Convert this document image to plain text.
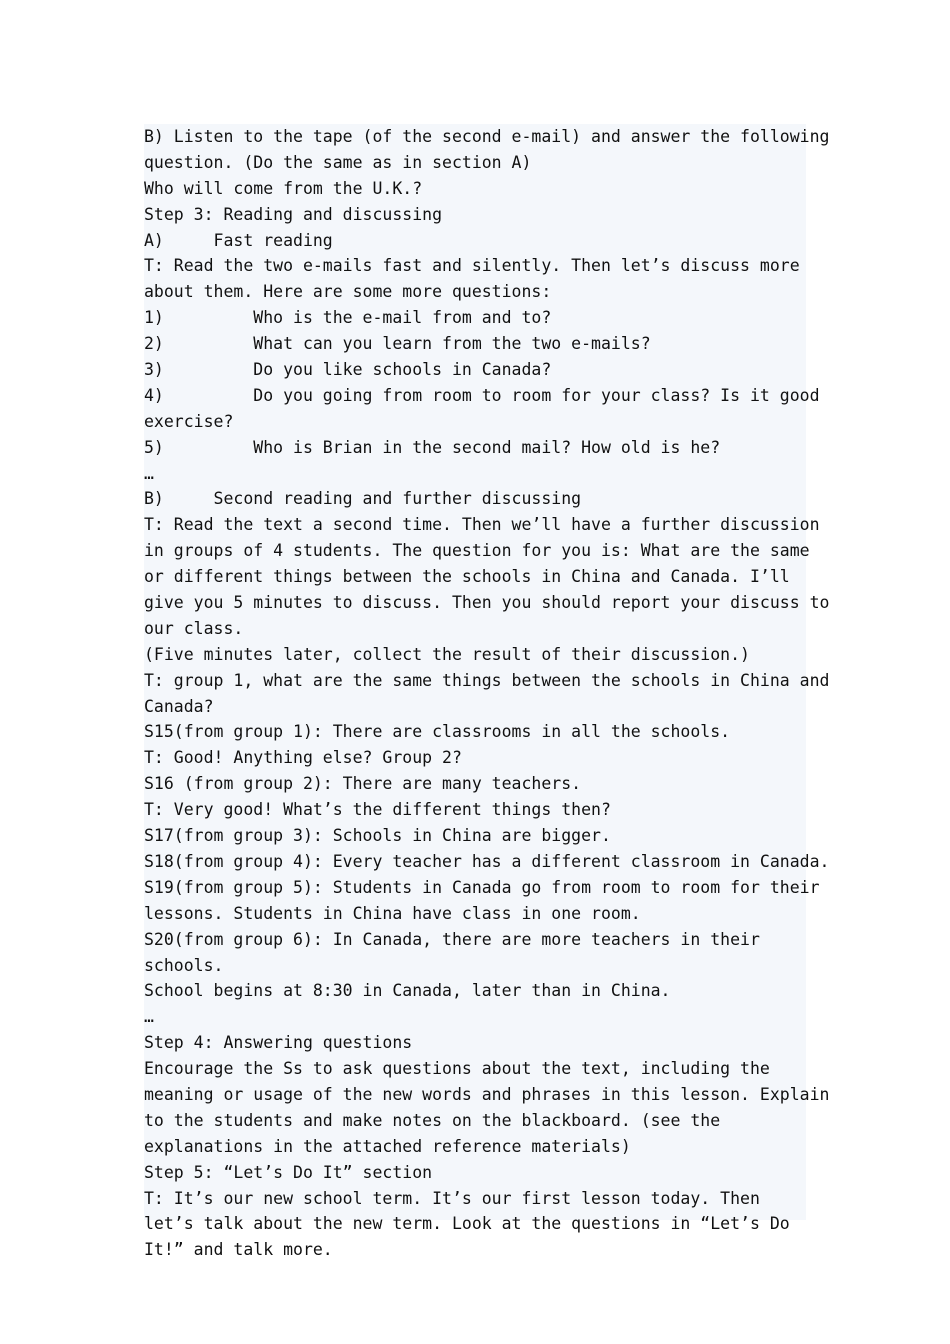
B) Listen to the tape (of the second e-mail) and answer the following
question. (Do the same as in section A)
Who will come from the U.K.?
Step 3: Reading and discussing
A)     Fast reading
T: Read the two e-mails fast and silently. Then let’s discuss more
about them. Here are some more questions:
1)         Who is the e-mail from and to?
2)         What can you learn from the two e-mails?
3)         Do you like schools in Canada?
4)         Do you going from room to room for your class? Is it good
exercise?
5)         Who is Brian in the second mail? How old is he?
…
B)     Second reading and further discussing
T: Read the text a second time. Then we’ll have a further discussion
in groups of 4 students. The question for you is: What are the same
or different things between the schools in China and Canada. I’ll
give you 5 minutes to discuss. Then you should report your discuss to
our class.
(Five minutes later, collect the result of their discussion.)
T: group 1, what are the same things between the schools in China and
Canada?
S15(from group 1): There are classrooms in all the schools.
T: Good! Anything else? Group 2?
S16 (from group 2): There are many teachers.
T: Very good! What’s the different things then?
S17(from group 3): Schools in China are bigger.
S18(from group 4): Every teacher has a different classroom in Canada.
S19(from group 5): Students in Canada go from room to room for their
lessons. Students in China have class in one room.
S20(from group 6): In Canada, there are more teachers in their
schools.
School begins at 8:30 in Canada, later than in China.
…
Step 4: Answering questions
Encourage the Ss to ask questions about the text, including the
meaning or usage of the new words and phrases in this lesson. Explain
to the students and make notes on the blackboard. (see the
explanations in the attached reference materials)
Step 5: “Let’s Do It” section
T: It’s our new school term. It’s our first lesson today. Then
let’s talk about the new term. Look at the questions in “Let’s Do
It!” and talk more.
